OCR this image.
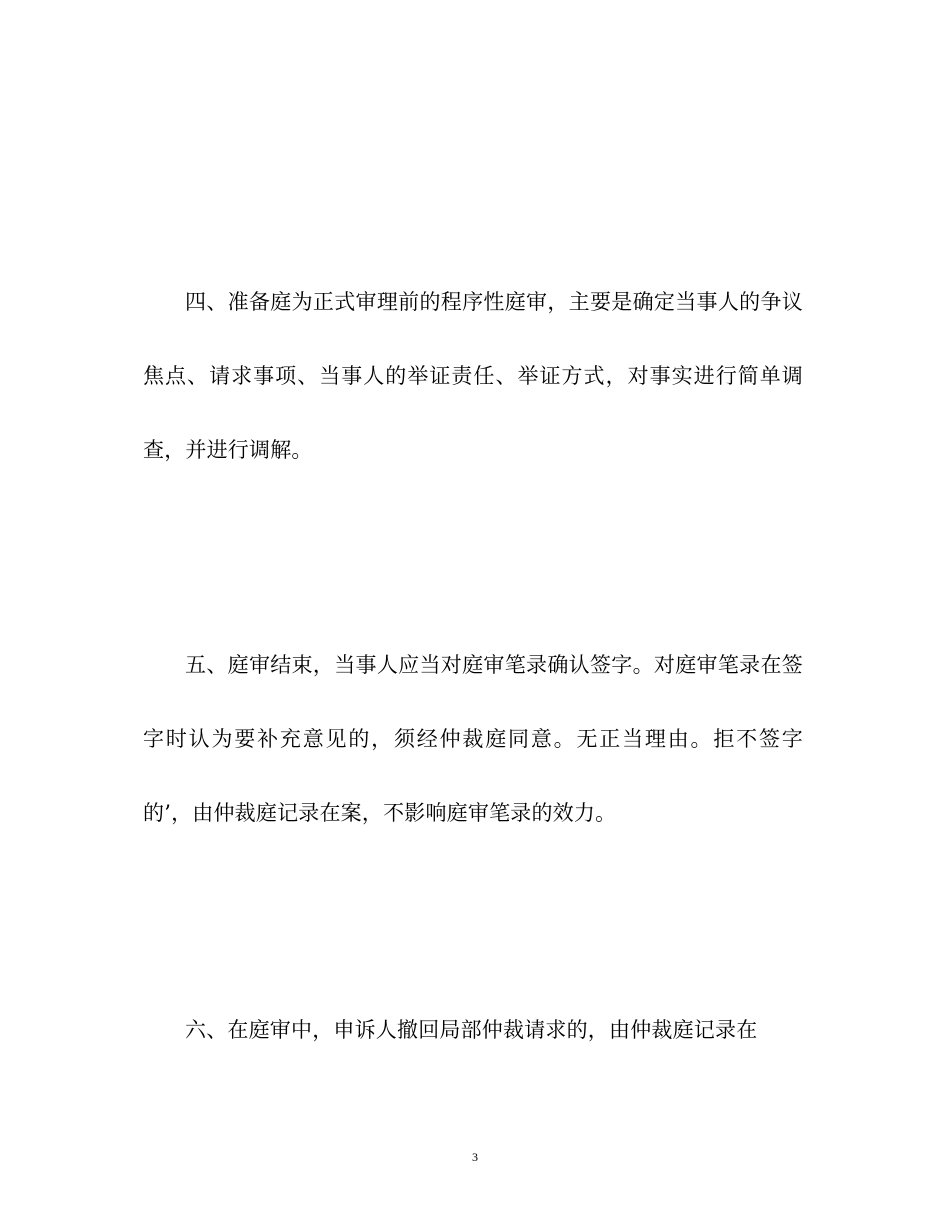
四、准备庭为正式审理前的程序性庭审，主要是确定当事人的争议焦点、请求事项、当事人的举证责任、举证方式，对事实进行简单调查，并进行调解。

五、庭审结束，当事人应当对庭审笔录确认签字。对庭审笔录在签字时认为要补充意见的，须经仲裁庭同意。无正当理由。拒不签字的’，由仲裁庭记录在案，不影响庭审笔录的效力。

六、在庭审中，申诉人撤回局部仲裁请求的，由仲裁庭记录在

3
